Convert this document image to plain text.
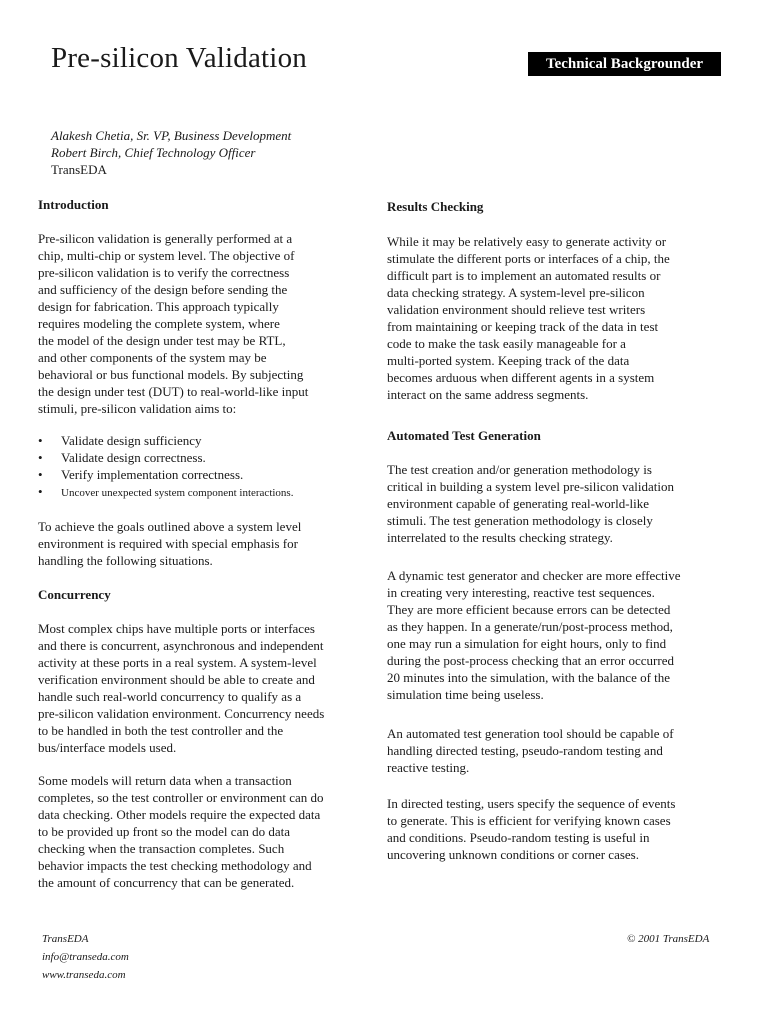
Pre-silicon Validation	Technical Backgrounder
Alakesh Chetia, Sr. VP, Business Development
Robert Birch, Chief Technology Officer
TransEDA
Introduction
Pre-silicon validation is generally performed at a
chip, multi-chip or system level. The objective of
pre-silicon validation is to verify the correctness
and sufficiency of the design before sending the
design for fabrication. This approach typically
requires modeling the complete system, where
the model of the design under test may be RTL,
and other components of the system may be
behavioral or bus functional models. By subjecting
the design under test (DUT) to real-world-like input
stimuli, pre-silicon validation aims to:
• Validate design sufficiency
• Validate design correctness.
• Verify implementation correctness.
• Uncover unexpected system component interactions.
To achieve the goals outlined above a system level
environment is required with special emphasis for
handling the following situations.
Concurrency
Most complex chips have multiple ports or interfaces
and there is concurrent, asynchronous and independent
activity at these ports in a real system. A system-level
verification environment should be able to create and
handle such real-world concurrency to qualify as a
pre-silicon validation environment. Concurrency needs
to be handled in both the test controller and the
bus/interface models used.
Some models will return data when a transaction
completes, so the test controller or environment can do
data checking. Other models require the expected data
to be provided up front so the model can do data
checking when the transaction completes. Such
behavior impacts the test checking methodology and
the amount of concurrency that can be generated.
Results Checking
While it may be relatively easy to generate activity or
stimulate the different ports or interfaces of a chip, the
difficult part is to implement an automated results or
data checking strategy. A system-level pre-silicon
validation environment should relieve test writers
from maintaining or keeping track of the data in test
code to make the task easily manageable for a
multi-ported system. Keeping track of the data
becomes arduous when different agents in a system
interact on the same address segments.
Automated Test Generation
The test creation and/or generation methodology is
critical in building a system level pre-silicon validation
environment capable of generating real-world-like
stimuli. The test generation methodology is closely
interrelated to the results checking strategy.
A dynamic test generator and checker are more effective
in creating very interesting, reactive test sequences.
They are more efficient because errors can be detected
as they happen. In a generate/run/post-process method,
one may run a simulation for eight hours, only to find
during the post-process checking that an error occurred
20 minutes into the simulation, with the balance of the
simulation time being useless.
An automated test generation tool should be capable of
handling directed testing, pseudo-random testing and
reactive testing.
In directed testing, users specify the sequence of events
to generate. This is efficient for verifying known cases
and conditions. Pseudo-random testing is useful in
uncovering unknown conditions or corner cases.
TransEDA
info@transeda.com
www.transeda.com
© 2001 TransEDA
